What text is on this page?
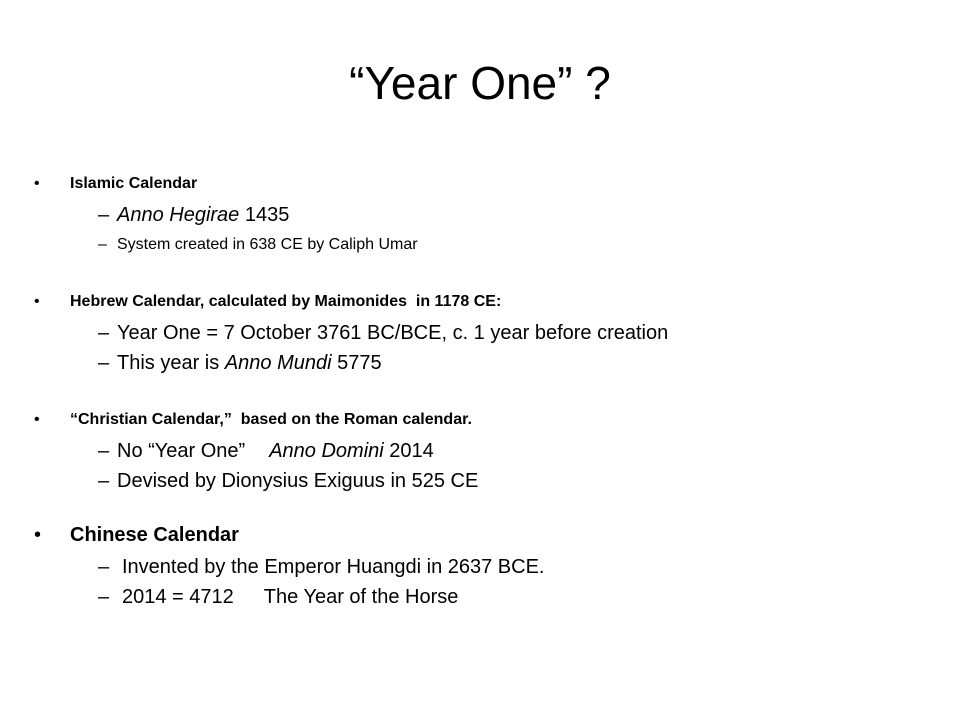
“Year One” ?
•	Islamic Calendar
– Anno Hegirae 1435
– System created in 638 CE by Caliph Umar
•	Hebrew Calendar, calculated by Maimonides  in 1178 CE:
– Year One = 7 October 3761 BC/BCE, c. 1 year before creation
– This year is Anno Mundi 5775
•	“Christian Calendar,”  based on the Roman calendar.
– No “Year One” Anno Domini 2014
– Devised by Dionysius Exiguus in 525 CE
•	Chinese Calendar
– Invented by the Emperor Huangdi in 2637 BCE.
– 2014 = 4712 The Year of the Horse
